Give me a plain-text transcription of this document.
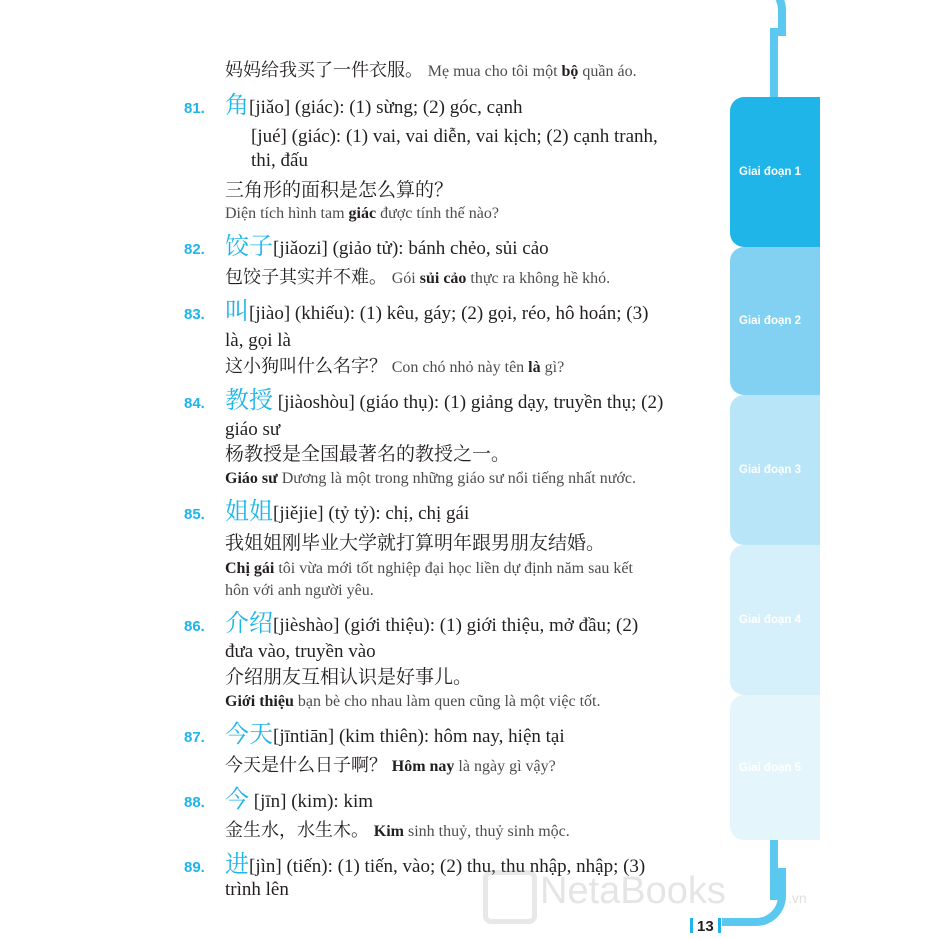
Giai đoạn 1
Giai đoạn 2
Giai đoạn 3
Giai đoạn 4
Giai đoạn 5
妈妈给我买了一件衣服。 Mẹ mua cho tôi một bộ quần áo.
81. 角[jiǎo] (giác): (1) sừng; (2) góc, cạnh
[jué] (giác): (1) vai, vai diễn, vai kịch; (2) cạnh tranh,
thi, đấu
三角形的面积是怎么算的？
Diện tích hình tam giác được tính thế nào?
82. 饺子[jiǎozi] (giảo tử): bánh chẻo, sủi cảo
包饺子其实并不难。 Gói sủi cảo thực ra không hề khó.
83. 叫[jiào] (khiếu): (1) kêu, gáy; (2) gọi, réo, hô hoán; (3)
là, gọi là
这小狗叫什么名字？ Con chó nhỏ này tên là gì?
84. 教授 [jiàoshòu] (giáo thụ): (1) giảng dạy, truyền thụ; (2)
giáo sư
杨教授是全国最著名的教授之一。
Giáo sư Dương là một trong những giáo sư nổi tiếng nhất nước.
85. 姐姐[jiějie] (tỷ tỷ): chị, chị gái
我姐姐刚毕业大学就打算明年跟男朋友结婚。
Chị gái tôi vừa mới tốt nghiệp đại học liền dự định năm sau kết
hôn với anh người yêu.
86. 介绍[jièshào] (giới thiệu): (1) giới thiệu, mở đầu; (2)
đưa vào, truyền vào
介绍朋友互相认识是好事儿。
Giới thiệu bạn bè cho nhau làm quen cũng là một việc tốt.
87. 今天[jīntiān] (kim thiên): hôm nay, hiện tại
今天是什么日子啊？ Hôm nay là ngày gì vậy?
88. 今 [jīn] (kim): kim
金生水，水生木。 Kim sinh thuỷ, thuỷ sinh mộc.
89. 进[jìn] (tiến): (1) tiến, vào; (2) thu, thu nhập, nhập; (3)
trình lên	NetaBooks	.vn
13
